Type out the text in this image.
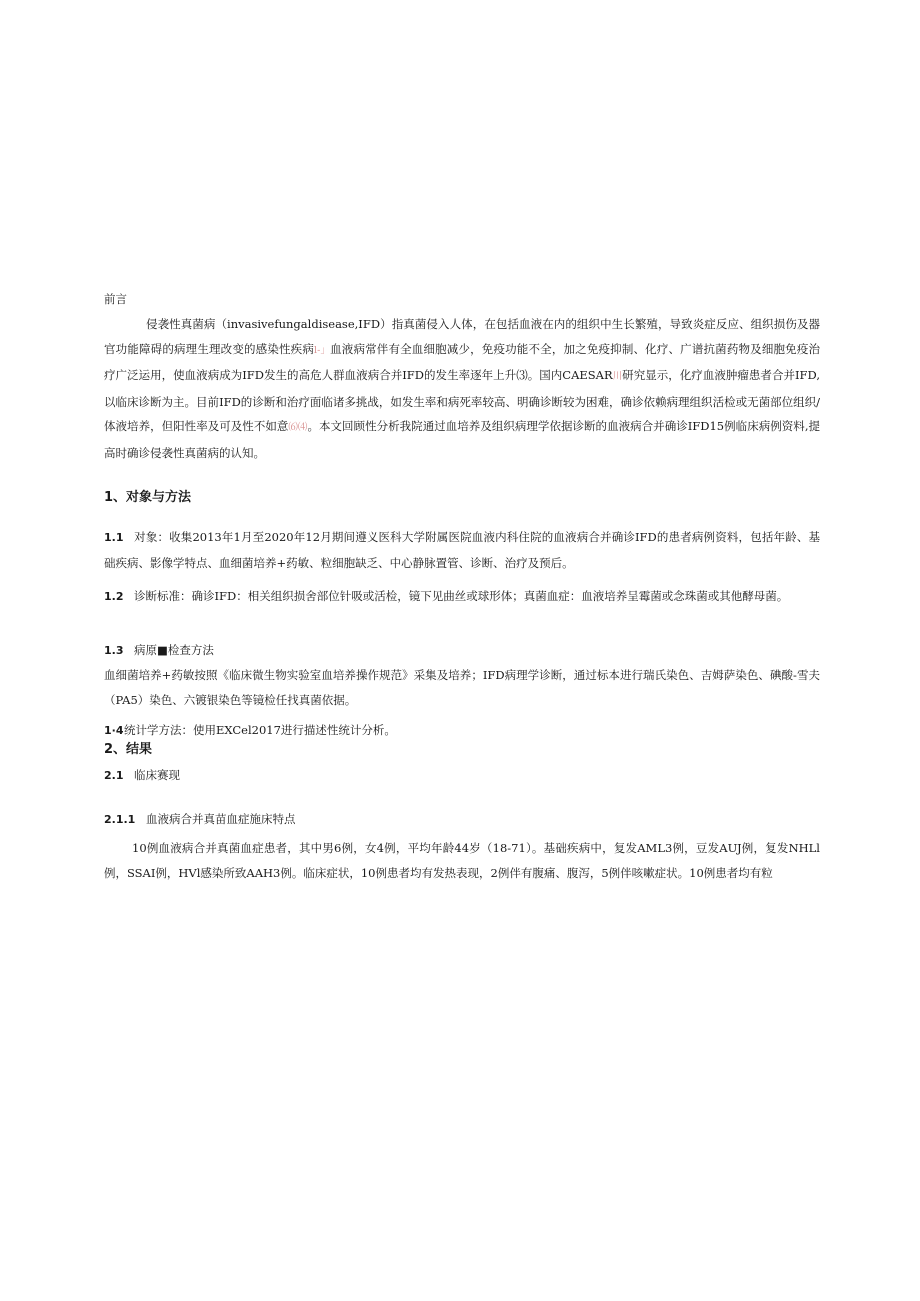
前言
侵袭性真菌病（invasivefungaldisease,IFD）指真菌侵入人体，在包括血液在内的组织中生长繁殖，导致炎症反应、组织损伤及器官功能障碍的病理生理改变的感染性疾病l-」血液病常伴有全血细胞减少，免疫功能不全，加之免疫抑制、化疗、广谱抗菌药物及细胞免疫治疗广泛运用，使血液病成为IFD发生的高危人群血液病合并IFD的发生率逐年上升⑶。国内CAESAR川研究显示，化疗血液肿瘤患者合并IFD,以临床诊断为主。目前IFD的诊断和治疗面临诸多挑战，如发生率和病死率较高、明确诊断较为困难，确诊依赖病理组织活检或无菌部位组织/体液培养，但阳性率及可及性不如意⑹⑷。本文回顾性分析我院通过血培养及组织病理学依据诊断的血液病合并确诊IFD15例临床病例资料,提高时确诊侵袭性真菌病的认知。
1、对象与方法
1.1 对象：收集2013年1月至2020年12月期间遵义医科大学附属医院血液内科住院的血液病合并确诊IFD的患者病例资料，包括年龄、基础疾病、影像学特点、血细菌培养+药敏、粒细胞缺乏、中心静脉置管、诊断、治疗及预后。
1.2 诊断标准：确诊IFD：相关组织损舍部位针吸或活检，镜下见曲丝或球形体；真菌血症：血液培养呈霉菌或念珠菌或其他酵母菌。
1.3 病原■检查方法
血细菌培养+药敏按照《临床微生物实验室血培养操作规范》采集及培养；IFD病理学诊断，通过标本进行瑞氏染色、吉姆萨染色、碘酸-雪夫（PA5）染色、六镀银染色等镜检任找真菌依据。
1·4统计学方法：使用EXCel2017进行描述性统计分析。
2、结果
2.1 临床赛现
2.1.1 血液病合并真苗血症施床特点
10例血液病合并真菌血症患者，其中男6例，女4例，平均年龄44岁（18-71）。基础疾病中，复发AML3例，豆发AUJ例，复发NHLl例，SSAI例，HVl感染所致AAH3例。临床症状，10例患者均有发热表现，2例伴有腹痛、腹泻，5例伴咳嗽症状。10例患者均有粒
